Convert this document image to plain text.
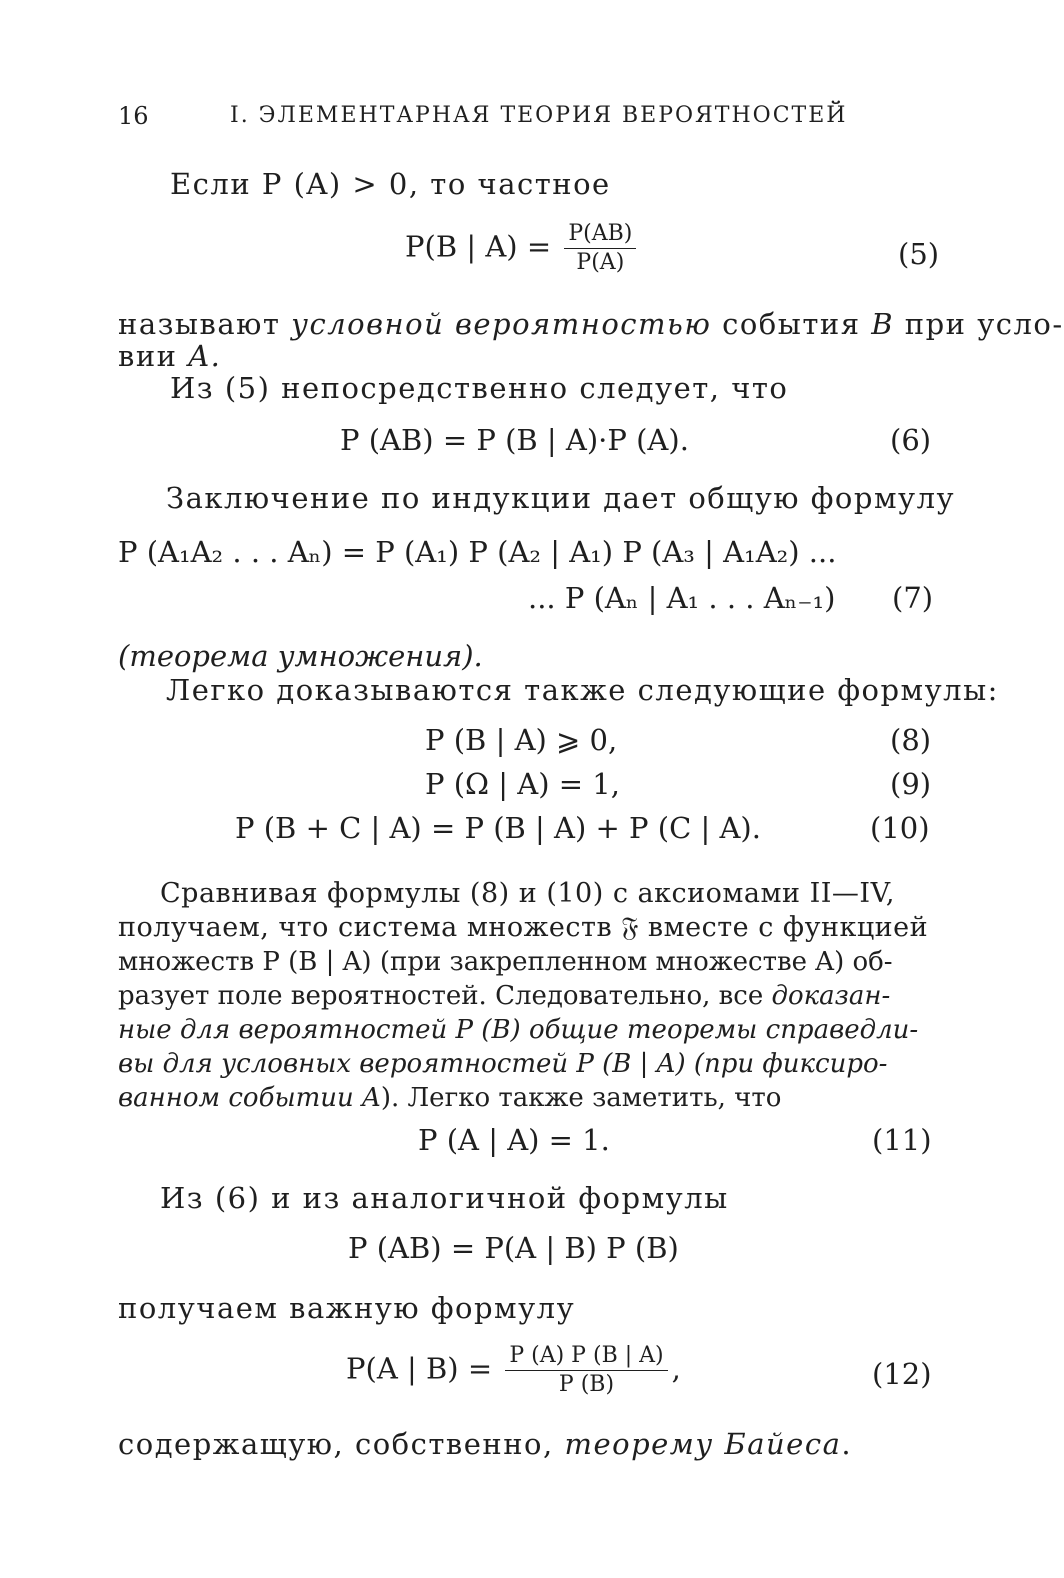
16	I. ЭЛЕМЕНТАРНАЯ ТЕОРИЯ ВЕРОЯТНОСТЕЙ
Если P (A) > 0, то частное
P(B | $A) = \frac{P(AB)}{P(A)}$	(5)
называют условной вероятностью события B при усло-
вии A.
Из (5) непосредственно следует, что
P (AB) = P (B | A)·P (A).	(6)
Заключение по индукции дает общую формулу
P (A₁A₂ . . . Aₙ) = P (A₁) P (A₂ | A₁) P (A₃ | A₁A₂) ...
... P (Aₙ | A₁ . . . Aₙ₋₁) (7)
(теорема умножения).
Легко доказываются также следующие формулы:
P (B | A) ⩾ 0,	(8)
P (Ω | A) = 1,	(9)
P (B + C | A) = P (B | A) + P (C | A).	(10)
Сравнивая формулы (8) и (10) с аксиомами II—IV,
получаем, что система множеств 𝔉 вместе с функцией
множеств P (B | A) (при закрепленном множестве A) об-
разует поле вероятностей. Следовательно, все доказан-
ные для вероятностей P (B) общие теоремы справедли-
вы для условных вероятностей P (B | A) (при фиксиро-
ванном событии A). Легко также заметить, что
P (A | A) = 1.	(11)
Из (6) и из аналогичной формулы
P (AB) = P(A | B) P (B)
получаем важную формулу
P(A | $B) = \frac{P (A) P (B | A)}{P (B)}$ ,	(12)
содержащую, собственно, теорему Байеса.
